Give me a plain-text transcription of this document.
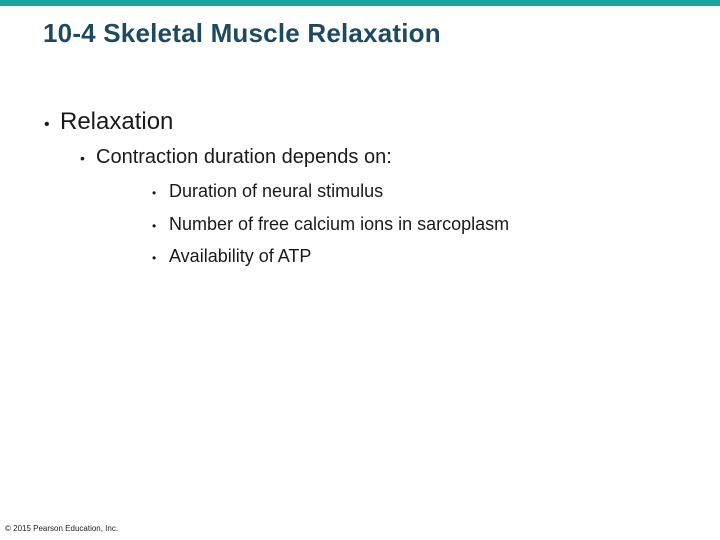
10-4 Skeletal Muscle Relaxation
• Relaxation
• Contraction duration depends on:
• Duration of neural stimulus
• Number of free calcium ions in sarcoplasm
• Availability of ATP
© 2015 Pearson Education, Inc.
